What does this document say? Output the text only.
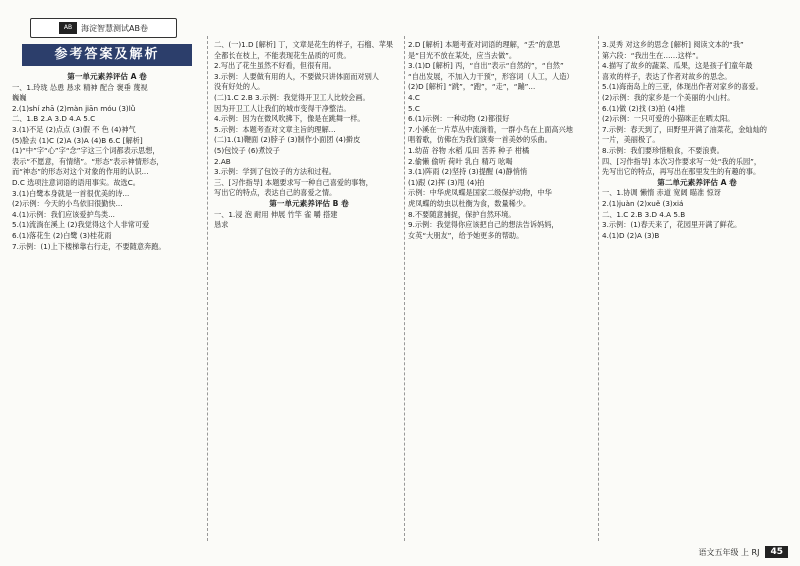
AB	海淀智慧测试AB卷
参考答案及解析

第一单元素养评估 A 卷

一、1.玲珑 怂恿 恳求 精神 配合 褒垂 蔑视

巍巍

2.(1)shí zhā (2)màn jiān móu (3)lǜ

二、1.B 2.A 3.D 4.A 5.C

3.(1)不足 (2)点点 (3)假 不 色 (4)神气

(5)脸去 (1)C (2)A (3)A (4)B 6.C [解析]

(1)“中”字“心”字“念”字这三个词都表示思想，

表示“不愿意，有情绪”。“形态”表示神情形态，

而“神态”的形态对这个对象的作用的认识...

D.C 选项注意词语的语用事实。故选C。

3.(1)白鹭本身就是一首很优美的诗...

(2)示例：今天的小鸟依旧很勤快...

4.(1)示例：我们应该爱护鸟类...

5.(1)流淌在溪上 (2)我觉得这个人非常可爱

6.(1)落花生 (2)白鹭 (3)桂花雨

7.示例：(1)上下楼梯靠右行走，不要随意奔跑。

二、(一)1.D [解析] 丁，文章是花生的样子，石榴、苹果

全都长在枝上，不能表现花生品质的可贵。

2.写出了花生虽然不好看，但很有用。

3.示例：人要做有用的人，不要做只讲体面而对别人

没有好处的人。

(二)1.C 2.B 3.示例：我觉得开卫工人比较会画。

因为开卫工人让我们的城市变得干净整洁。

4.示例：因为在微风吹拂下，像是在跳舞一样。

5.示例：本题考查对文章主旨的理解...

(二)1.(1)鞭面 (2)脖子 (3)制作小面团 (4)擀皮

(5)包饺子 (6)煮饺子

2.AB

3.示例：学到了包饺子的方法和过程。

三、[习作指导] 本题要求写一种自己喜爱的事物，

写出它的特点，表达自己的喜爱之情。

第一单元素养评估 B 卷

一、1.浸 泡 耐用 伸展 竹竿 雀 嚼 搭建

恳求

2.D [解析] 本题考查对词语的理解，“丢”的意思

是“目光不放在某处，应当去做”。

3.(1)D [解析] 丙，“自出”表示“自然的”，“自然”

“自出发展，不加入力干预”，形容词（人工，人造）

(2)D [解析] “跳”，“跑”，“走”，“蹦”...

4.C

5.C

6.(1)示例：一种动物 (2)都很好

7.小溪在一片草丛中流淌着，一群小鸟在上面高兴地

唱着歌，仿佛在为我们演奏一首美妙的乐曲。

1.幼苗 谷物 水稻 瓜田 苦荞 种子 柑橘

2.偷懒 偷听 荷叶 乳白 精巧 吆喝

3.(1)阵雨 (2)坚持 (3)提醒 (4)静悄悄

(1)跟 (2)挥 (3)甩 (4)拍

示例：中华虎凤蝶是国家二级保护动物，中华

虎凤蝶的幼虫以杜衡为食，数量稀少。

8.不要随意捕捉，保护自然环境。

9.示例：我觉得你应该把自己的想法告诉妈妈，

女英“大朋友”，给予她更多的帮助。

3.灵秀 对这乡的思念 [解析] 阅读文本的“我”

第六段：“我出生在……这样”。

4.描写了故乡的蔬菜、瓜果，这是孩子们童年最

喜欢的样子，表达了作者对故乡的思念。

5.(1)海南岛上的三亚，体现出作者对家乡的喜爱。

(2)示例：我的家乡是一个美丽的小山村。

6.(1)做 (2)找 (3)拍 (4)推

(2)示例：一只可爱的小猫咪正在晒太阳。

7.示例：春天到了，田野里开满了油菜花，金灿灿的

一片，美丽极了。

8.示例：我们要珍惜粮食，不要浪费。

四、[习作指导] 本次习作要求写一处“我的乐园”，

先写出它的特点，再写出在那里发生的有趣的事。

第二单元素养评估 A 卷

一、1.协调 懒惰 赤道 宽阔 瞄准 惊讶

2.(1)juàn (2)xuě (3)xiá

二、1.C 2.B 3.D 4.A 5.B

3.示例：(1)春天来了，花园里开满了鲜花。

4.(1)D (2)A (3)B

语文五年级 上 RJ	45
